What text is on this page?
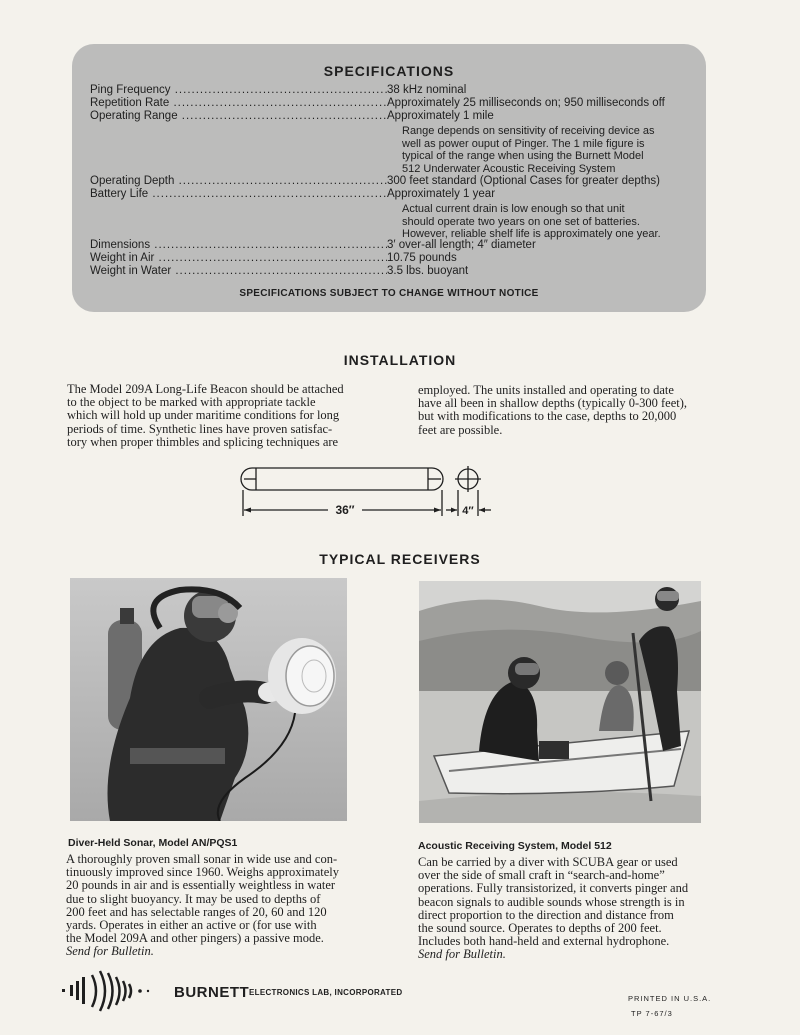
SPECIFICATIONS
Ping Frequency .....	38 kHz nominal
Repetition Rate .....	Approximately 25 milliseconds on; 950 milliseconds off
Operating Range .....	Approximately 1 mile
Range depends on sensitivity of receiving device as
well as power ouput of Pinger. The 1 mile figure is
typical of the range when using the Burnett Model
512 Underwater Acoustic Receiving System
Operating Depth .....	300 feet standard (Optional Cases for greater depths)
Battery Life .....	Approximately 1 year
Actual current drain is low enough so that unit
should operate two years on one set of batteries.
However, reliable shelf life is approximately one year.
Dimensions .....	3′ over-all length; 4″ diameter
Weight in Air .....	10.75 pounds
Weight in Water .....	3.5 lbs. buoyant
SPECIFICATIONS SUBJECT TO CHANGE WITHOUT NOTICE
INSTALLATION
The Model 209A Long-Life Beacon should be attached
to the object to be marked with appropriate tackle
which will hold up under maritime conditions for long
periods of time. Synthetic lines have proven satisfac-
tory when proper thimbles and splicing techniques are
employed. The units installed and operating to date
have all been in shallow depths (typically 0-300 feet),
but with modifications to the case, depths to 20,000
feet are possible.
36″	4″
TYPICAL RECEIVERS
Diver-Held Sonar, Model AN/PQS1
A thoroughly proven small sonar in wide use and con-
tinuously improved since 1960. Weighs approximately
20 pounds in air and is essentially weightless in water
due to slight buoyancy. It may be used to depths of
200 feet and has selectable ranges of 20, 60 and 120
yards. Operates in either an active or (for use with
the Model 209A and other pingers) a passive mode.
Send for Bulletin.
Acoustic Receiving System, Model 512
Can be carried by a diver with SCUBA gear or used
over the side of small craft in “search-and-home”
operations. Fully transistorized, it converts pinger and
beacon signals to audible sounds whose strength is in
direct proportion to the direction and distance from
the sound source. Operates to depths of 200 feet.
Includes both hand-held and external hydrophone.
Send for Bulletin.
BURNETT ELECTRONICS LAB, INCORPORATED
PRINTED IN U.S.A.
TP 7-67/3
